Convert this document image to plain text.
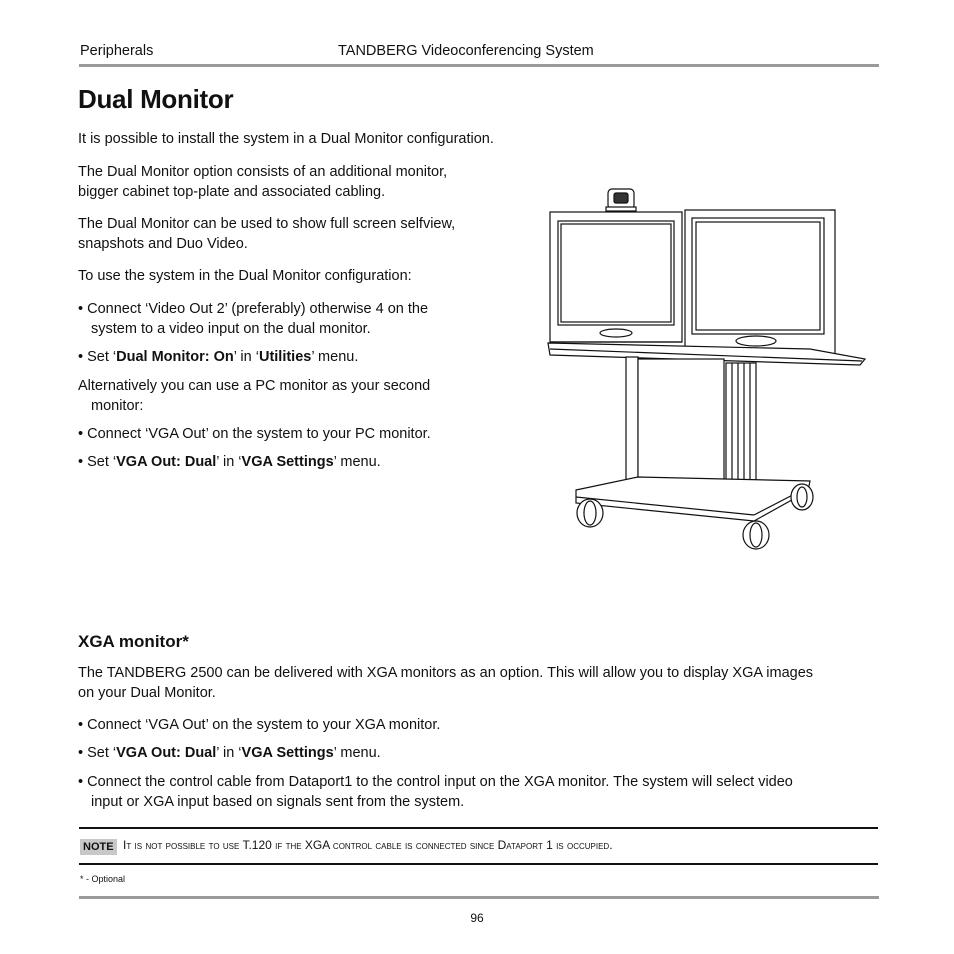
Peripherals	TANDBERG Videoconferencing System
Dual Monitor
It is possible to install the system in a Dual Monitor configuration.
The Dual Monitor option consists of an additional monitor,
bigger cabinet top-plate and associated cabling.
The Dual Monitor can be used to show full screen selfview,
snapshots and Duo Video.
To use the system in the Dual Monitor configuration:
• Connect ‘Video Out 2’ (preferably) otherwise 4 on the
system to a video input on the dual monitor.
• Set ‘Dual Monitor: On’ in ‘Utilities’ menu.
Alternatively you can use a PC monitor as your second
monitor:
• Connect ‘VGA Out’ on the system to your PC monitor.
• Set ‘VGA Out: Dual’ in ‘VGA Settings’ menu.
XGA monitor*
The TANDBERG 2500 can be delivered with XGA monitors as an option. This will allow you to display XGA images
on your Dual Monitor.
• Connect ‘VGA Out’ on the system to your XGA monitor.
• Set ‘VGA Out: Dual’ in ‘VGA Settings’ menu.
• Connect the control cable from Dataport1 to the control input on the XGA monitor. The system will select video
input or XGA input based on signals sent from the system.
NOTE It is not possible to use T.120 if the XGA control cable is connected since Dataport 1 is occupied.
* - Optional
96
